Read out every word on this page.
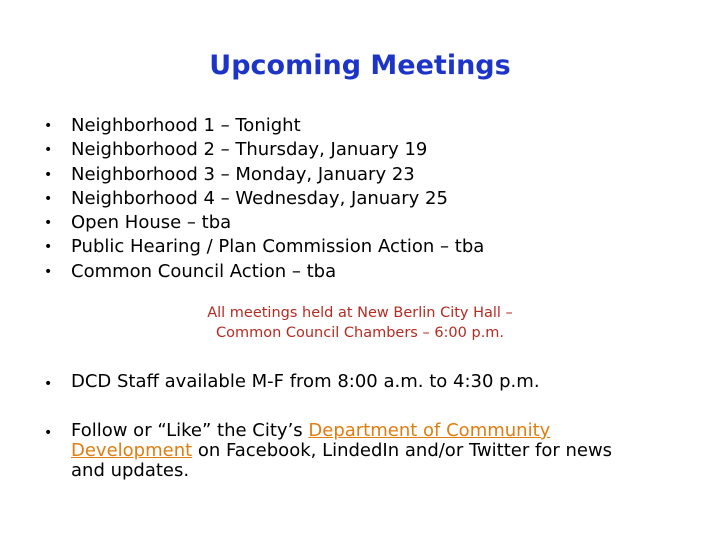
Upcoming Meetings
• Neighborhood 1 – Tonight
• Neighborhood 2 – Thursday, January 19
• Neighborhood 3 – Monday, January 23
• Neighborhood 4 – Wednesday, January 25
• Open House – tba
• Public Hearing / Plan Commission Action – tba
• Common Council Action – tba
All meetings held at New Berlin City Hall –
Common Council Chambers – 6:00 p.m.
• DCD Staff available M-F from 8:00 a.m. to 4:30 p.m.
• Follow or “Like” the City’s Department of Community Development on Facebook, LindedIn and/or Twitter for news and updates.
